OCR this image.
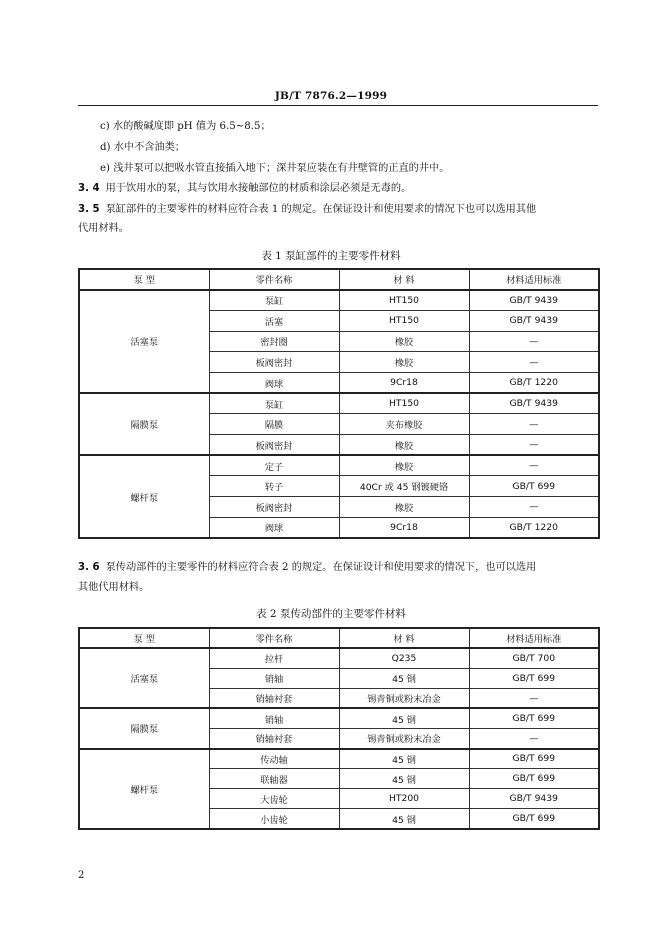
JB/T 7876.2—1999
c) 水的酸碱度即 pH 值为 6.5~8.5；
d) 水中不含油类；
e) 浅井泵可以把吸水管直接插入地下；深井泵应装在有井壁管的正直的井中。
3. 4 用于饮用水的泵，其与饮用水接触部位的材质和涂层必须是无毒的。
3. 5 泵缸部件的主要零件的材料应符合表 1 的规定。在保证设计和使用要求的情况下也可以选用其他
代用材料。
表 1 泵缸部件的主要零件材料
泵 型	零件名称	材 料	材料适用标准
活塞泵	泵缸	HT150	GB/T 9439
	活塞	HT150	GB/T 9439
	密封圈	橡胶	—
	板阀密封	橡胶	—
	阀球	9Cr18	GB/T 1220
隔膜泵	泵缸	HT150	GB/T 9439
	隔膜	夹布橡胶	—
	板阀密封	橡胶	—
螺杆泵	定子	橡胶	—
	转子	40Cr 或 45 钢镀硬铬	GB/T 699
	板阀密封	橡胶	—
	阀球	9Cr18	GB/T 1220
3. 6 泵传动部件的主要零件的材料应符合表 2 的规定。在保证设计和使用要求的情况下，也可以选用
其他代用材料。
表 2 泵传动部件的主要零件材料
泵 型	零件名称	材 料	材料适用标准
活塞泵	拉杆	Q235	GB/T 700
	销轴	45 钢	GB/T 699
	销轴衬套	锡青铜或粉末冶金	—
隔膜泵	销轴	45 钢	GB/T 699
	销轴衬套	锡青铜或粉末冶金	—
螺杆泵	传动轴	45 钢	GB/T 699
	联轴器	45 钢	GB/T 699
	大齿轮	HT200	GB/T 9439
	小齿轮	45 钢	GB/T 699
2
